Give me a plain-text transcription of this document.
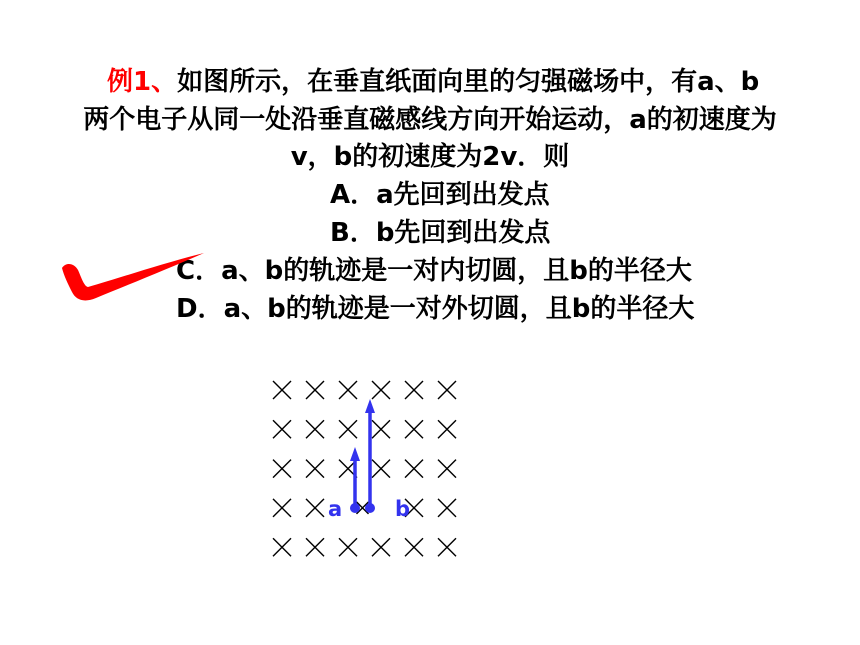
例1、如图所示，在垂直纸面向里的匀强磁场中，有a、b
两个电子从同一处沿垂直磁感线方向开始运动，a的初速度为
v，b的初速度为2v．则
A．a先回到出发点
B．b先回到出发点
C．a、b的轨迹是一对内切圆，且b的半径大
D．a、b的轨迹是一对外切圆，且b的半径大
a	b
